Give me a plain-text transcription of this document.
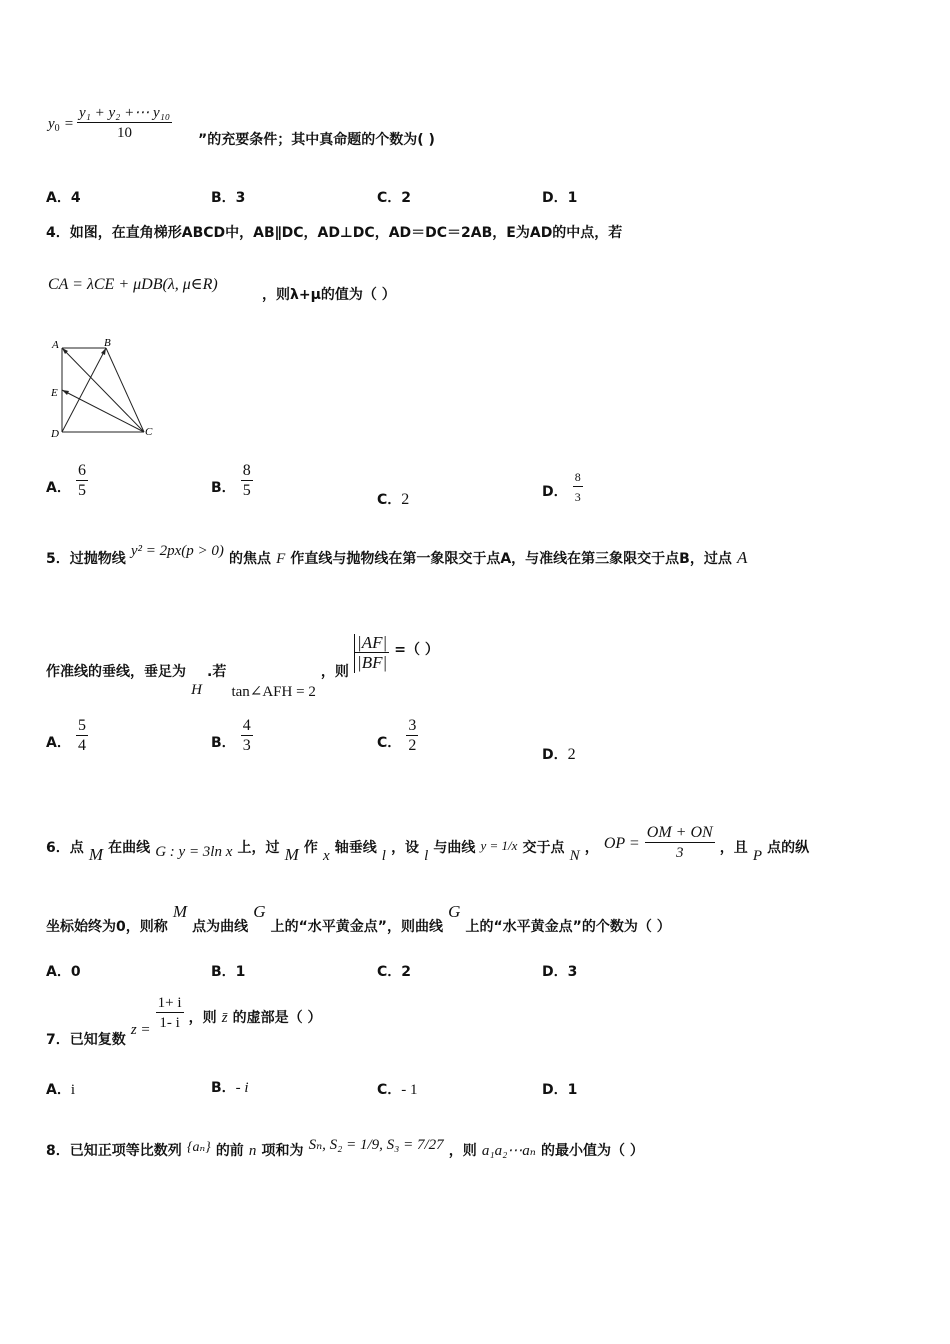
$y_0 = \frac{\text{y₁ + y₂ +⋯ y₁₀}}{10}$ ”的充要条件；其中真命题的个数为( )
A．4	B．3	C．2	D．1
4．如图，在直角梯形ABCD中，AB∥DC，AD⊥DC，AD＝DC＝2AB，E为AD的中点，若
CA = λCE + μDB(λ, μ∈R)
，则λ+μ的值为（ ）
A	B
E
D	C
A． $\frac{6}{5}$	B． $\frac{8}{5}$	C．2	D． $\frac{8}{3}$
5．过抛物线 y² = 2px(p > 0) 的焦点 F 作直线与抛物线在第一象限交于点A，与准线在第三象限交于点B，过点 A
作准线的垂线，垂足为 H .若 tan∠AFH = 2 ，则 $\frac{|AF|}{|BF|}$ =（ ）
A． $\frac{5}{4}$	B． $\frac{4}{3}$	C． $\frac{3}{2}$	D．2
6．点 M 在曲线 G : y = 3ln x 上，过 M 作 x 轴垂线 l ，设 l 与曲线 $_{y = 1/x}$ 交于点 N ， OP = $\frac{OM + ON}{3}$ ，且 P 点的纵
坐标始终为0，则称 M 点为曲线 G 上的“水平黄金点”，则曲线 G 上的“水平黄金点”的个数为（ ）
A．0	B．1	C．2	D．3
7．已知复数 $z = \frac{1+ i}{1- i}$ ，则 z̄ 的虚部是（ ）
A．i	B．- i	C．- 1	D．1
8．已知正项等比数列 {aₙ} 的前 n 项和为 Sₙ, S₂ = 1/9, S₃ = 7/27 ，则 a₁a₂⋯aₙ 的最小值为（ ）
